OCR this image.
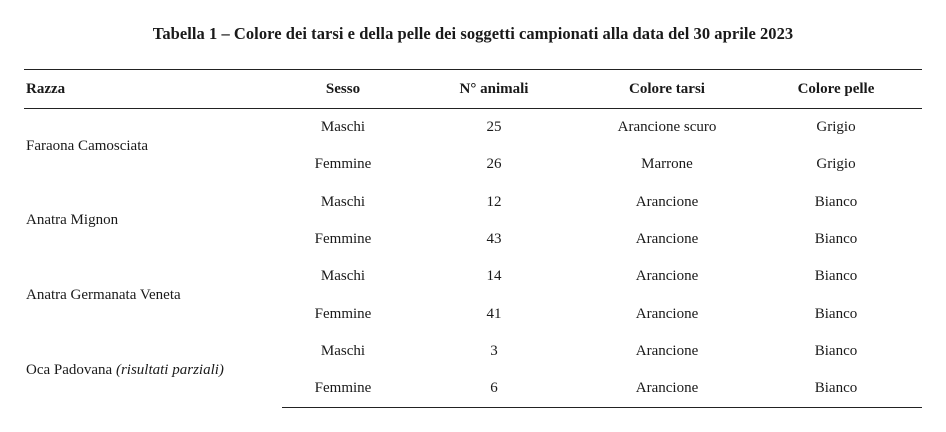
Tabella 1 – Colore dei tarsi e della pelle dei soggetti campionati alla data del 30 aprile 2023
Razza	Sesso	N° animali	Colore tarsi	Colore pelle
Faraona Camosciata	Maschi	25	Arancione scuro	Grigio
	Femmine	26	Marrone	Grigio
Anatra Mignon	Maschi	12	Arancione	Bianco
	Femmine	43	Arancione	Bianco
Anatra Germanata Veneta	Maschi	14	Arancione	Bianco
	Femmine	41	Arancione	Bianco
Oca Padovana (risultati parziali)	Maschi	3	Arancione	Bianco
	Femmine	6	Arancione	Bianco
